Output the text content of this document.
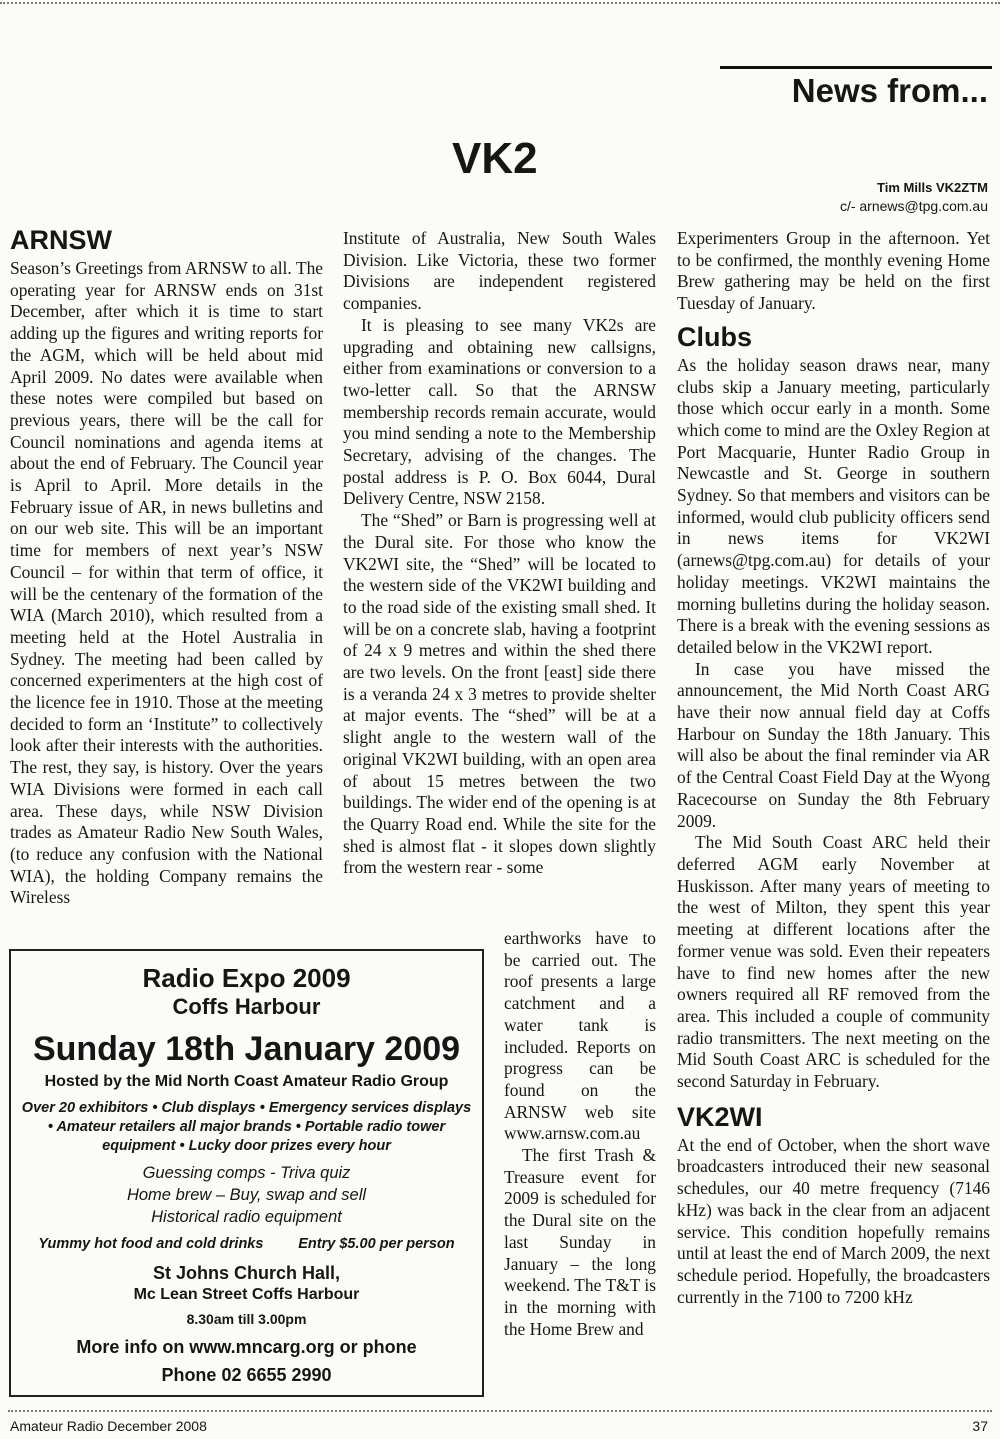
News from...
VK2
Tim Mills VK2ZTM
c/- arnews@tpg.com.au
ARNSW

Season’s Greetings from ARNSW to all. The operating year for ARNSW ends on 31st December, after which it is time to start adding up the figures and writing reports for the AGM, which will be held about mid April 2009. No dates were available when these notes were compiled but based on previous years, there will be the call for Council nominations and agenda items at about the end of February. The Council year is April to April. More details in the February issue of AR, in news bulletins and on our web site. This will be an important time for members of next year’s NSW Council – for within that term of office, it will be the centenary of the formation of the WIA (March 2010), which resulted from a meeting held at the Hotel Australia in Sydney. The meeting had been called by concerned experimenters at the high cost of the licence fee in 1910. Those at the meeting decided to form an ‘Institute” to collectively look after their interests with the authorities. The rest, they say, is history. Over the years WIA Divisions were formed in each call area. These days, while NSW Division trades as Amateur Radio New South Wales, (to reduce any confusion with the National WIA), the holding Company remains the Wireless

Institute of Australia, New South Wales Division. Like Victoria, these two former Divisions are independent registered companies.

It is pleasing to see many VK2s are upgrading and obtaining new callsigns, either from examinations or conversion to a two-letter call. So that the ARNSW membership records remain accurate, would you mind sending a note to the Membership Secretary, advising of the changes. The postal address is P. O. Box 6044, Dural Delivery Centre, NSW 2158.

The “Shed” or Barn is progressing well at the Dural site. For those who know the VK2WI site, the “Shed” will be located to the western side of the VK2WI building and to the road side of the existing small shed. It will be on a concrete slab, having a footprint of 24 x 9 metres and within the shed there are two levels. On the front [east] side there is a veranda 24 x 3 metres to provide shelter at major events. The “shed” will be at a slight angle to the western wall of the original VK2WI building, with an open area of about 15 metres between the two buildings. The wider end of the opening is at the Quarry Road end. While the site for the shed is almost flat - it slopes down slightly from the western rear - some

earthworks have to be carried out. The roof presents a large catchment and a water tank is included. Reports on progress can be found on the ARNSW web site www.arnsw.com.au

The first Trash & Treasure event for 2009 is scheduled for the Dural site on the last Sunday in January – the long weekend. The T&T is in the morning with the Home Brew and

Experimenters Group in the afternoon. Yet to be confirmed, the monthly evening Home Brew gathering may be held on the first Tuesday of January.

Clubs

As the holiday season draws near, many clubs skip a January meeting, particularly those which occur early in a month. Some which come to mind are the Oxley Region at Port Macquarie, Hunter Radio Group in Newcastle and St. George in southern Sydney. So that members and visitors can be informed, would club publicity officers send in news items for VK2WI (arnews@tpg.com.au) for details of your holiday meetings. VK2WI maintains the morning bulletins during the holiday season. There is a break with the evening sessions as detailed below in the VK2WI report.

In case you have missed the announcement, the Mid North Coast ARG have their now annual field day at Coffs Harbour on Sunday the 18th January. This will also be about the final reminder via AR of the Central Coast Field Day at the Wyong Racecourse on Sunday the 8th February 2009.

The Mid South Coast ARC held their deferred AGM early November at Huskisson. After many years of meeting to the west of Milton, they spent this year meeting at different locations after the former venue was sold. Even their repeaters have to find new homes after the new owners required all RF removed from the area. This included a couple of community radio transmitters. The next meeting on the Mid South Coast ARC is scheduled for the second Saturday in February.

VK2WI

At the end of October, when the short wave broadcasters introduced their new seasonal schedules, our 40 metre frequency (7146 kHz) was back in the clear from an adjacent service. This condition hopefully remains until at least the end of March 2009, the next schedule period. Hopefully, the broadcasters currently in the 7100 to 7200 kHz

Radio Expo 2009
Coffs Harbour
Sunday 18th January 2009
Hosted by the Mid North Coast Amateur Radio Group
Over 20 exhibitors • Club displays • Emergency services displays • Amateur retailers all major brands • Portable radio tower equipment • Lucky door prizes every hour
Guessing comps - Triva quiz
Home brew – Buy, swap and sell
Historical radio equipment
Yummy hot food and cold drinks Entry $5.00 per person
St Johns Church Hall,
Mc Lean Street Coffs Harbour
8.30am till 3.00pm
More info on www.mncarg.org or phone
Phone 02 6655 2990
Amateur Radio December 2008	37
